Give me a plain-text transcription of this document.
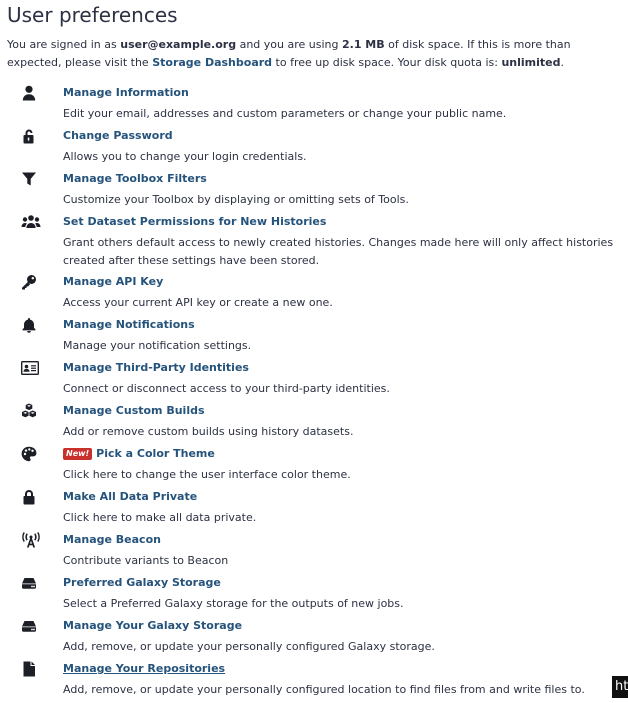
User preferences

You are signed in as user@example.org and you are using 2.1 MB of disk space. If this is more than expected, please visit the Storage Dashboard to free up disk space. Your disk quota is: unlimited.

Manage Information
Edit your email, addresses and custom parameters or change your public name.
Change Password
Allows you to change your login credentials.
Manage Toolbox Filters
Customize your Toolbox by displaying or omitting sets of Tools.
Set Dataset Permissions for New Histories
Grant others default access to newly created histories. Changes made here will only affect histories created after these settings have been stored.
Manage API Key
Access your current API key or create a new one.
Manage Notifications
Manage your notification settings.
Manage Third-Party Identities
Connect or disconnect access to your third-party identities.
Manage Custom Builds
Add or remove custom builds using history datasets.
New! Pick a Color Theme
Click here to change the user interface color theme.
Make All Data Private
Click here to make all data private.
Manage Beacon
Contribute variants to Beacon
Preferred Galaxy Storage
Select a Preferred Galaxy storage for the outputs of new jobs.
Manage Your Galaxy Storage
Add, remove, or update your personally configured Galaxy storage.
Manage Your Repositories
Add, remove, or update your personally configured location to find files from and write files to.	ht
